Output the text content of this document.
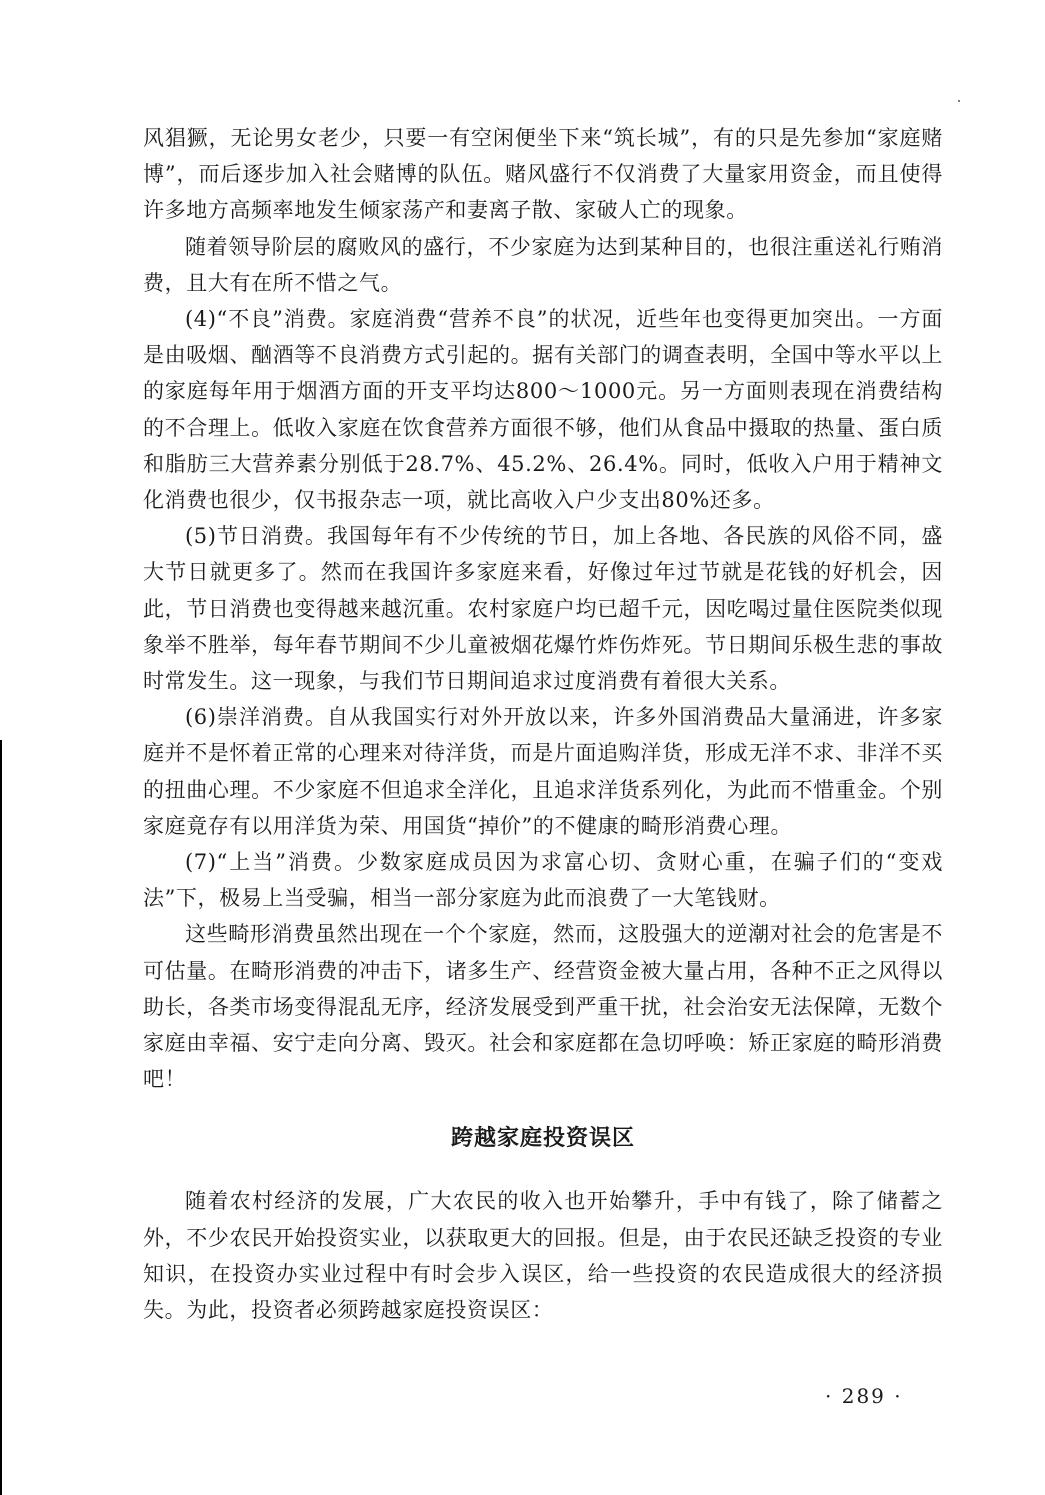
风猖獗，无论男女老少，只要一有空闲便坐下来“筑长城”，有的只是先参加“家庭赌博”，而后逐步加入社会赌博的队伍。赌风盛行不仅消费了大量家用资金，而且使得许多地方高频率地发生倾家荡产和妻离子散、家破人亡的现象。

随着领导阶层的腐败风的盛行，不少家庭为达到某种目的，也很注重送礼行贿消费，且大有在所不惜之气。

(4)“不良”消费。家庭消费“营养不良”的状况，近些年也变得更加突出。一方面是由吸烟、酗酒等不良消费方式引起的。据有关部门的调查表明，全国中等水平以上的家庭每年用于烟酒方面的开支平均达800～1000元。另一方面则表现在消费结构的不合理上。低收入家庭在饮食营养方面很不够，他们从食品中摄取的热量、蛋白质和脂肪三大营养素分别低于28.7%、45.2%、26.4%。同时，低收入户用于精神文化消费也很少，仅书报杂志一项，就比高收入户少支出80%还多。

(5)节日消费。我国每年有不少传统的节日，加上各地、各民族的风俗不同，盛大节日就更多了。然而在我国许多家庭来看，好像过年过节就是花钱的好机会，因此，节日消费也变得越来越沉重。农村家庭户均已超千元，因吃喝过量住医院类似现象举不胜举，每年春节期间不少儿童被烟花爆竹炸伤炸死。节日期间乐极生悲的事故时常发生。这一现象，与我们节日期间追求过度消费有着很大关系。

(6)崇洋消费。自从我国实行对外开放以来，许多外国消费品大量涌进，许多家庭并不是怀着正常的心理来对待洋货，而是片面追购洋货，形成无洋不求、非洋不买的扭曲心理。不少家庭不但追求全洋化，且追求洋货系列化，为此而不惜重金。个别家庭竟存有以用洋货为荣、用国货“掉价”的不健康的畸形消费心理。

(7)“上当”消费。少数家庭成员因为求富心切、贪财心重，在骗子们的“变戏法”下，极易上当受骗，相当一部分家庭为此而浪费了一大笔钱财。

这些畸形消费虽然出现在一个个家庭，然而，这股强大的逆潮对社会的危害是不可估量。在畸形消费的冲击下，诸多生产、经营资金被大量占用，各种不正之风得以助长，各类市场变得混乱无序，经济发展受到严重干扰，社会治安无法保障，无数个家庭由幸福、安宁走向分离、毁灭。社会和家庭都在急切呼唤：矫正家庭的畸形消费吧！

跨越家庭投资误区

随着农村经济的发展，广大农民的收入也开始攀升，手中有钱了，除了储蓄之外，不少农民开始投资实业，以获取更大的回报。但是，由于农民还缺乏投资的专业知识，在投资办实业过程中有时会步入误区，给一些投资的农民造成很大的经济损失。为此，投资者必须跨越家庭投资误区：

· 289 ·
